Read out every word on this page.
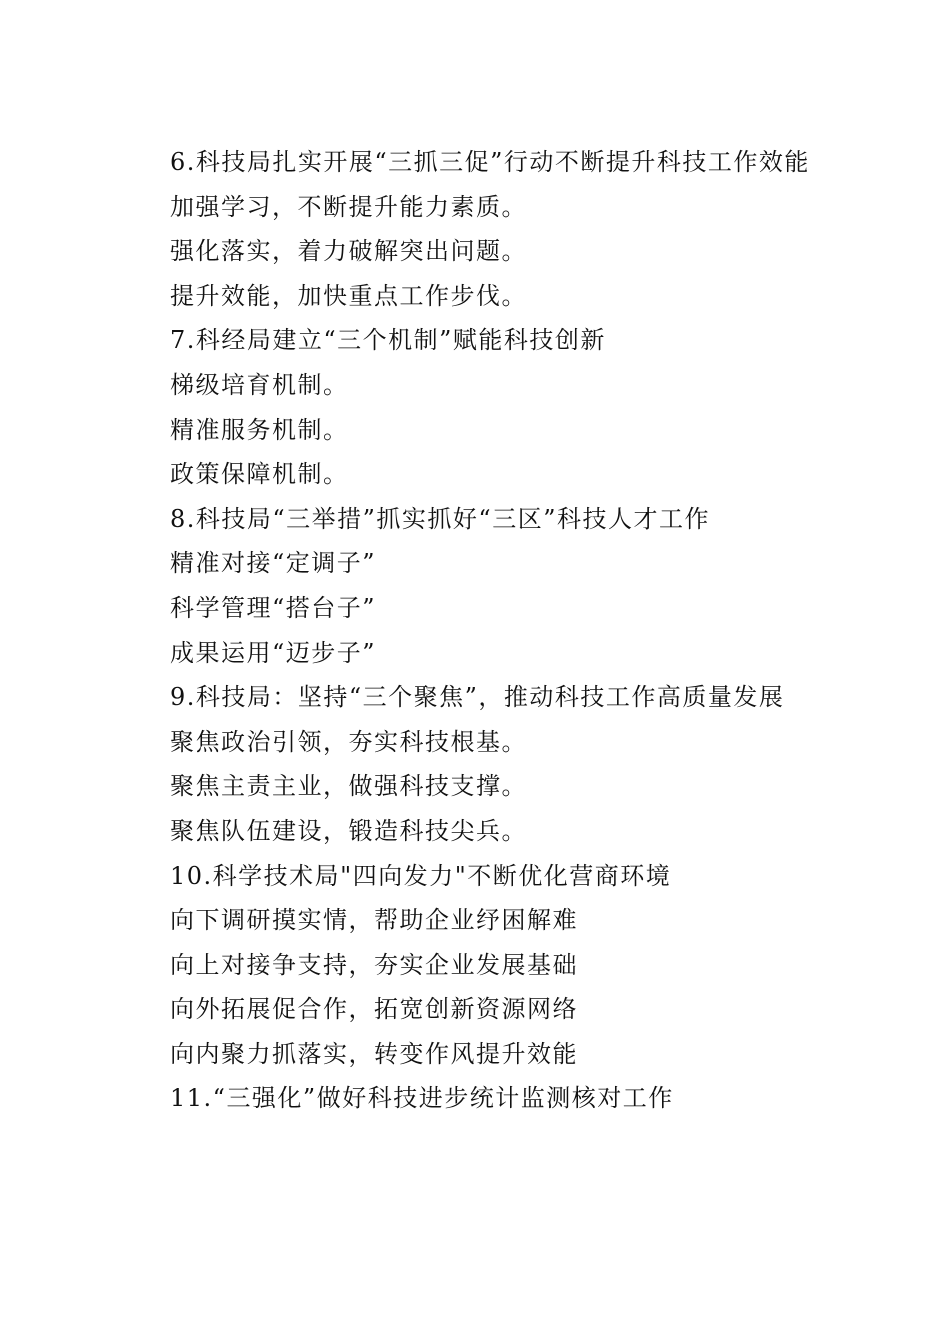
6.科技局扎实开展“三抓三促”行动不断提升科技工作效能
加强学习，不断提升能力素质。
强化落实，着力破解突出问题。
提升效能，加快重点工作步伐。
7.科经局建立“三个机制”赋能科技创新
梯级培育机制。
精准服务机制。
政策保障机制。
8.科技局“三举措”抓实抓好“三区”科技人才工作
精准对接“定调子”
科学管理“搭台子”
成果运用“迈步子”
9.科技局：坚持“三个聚焦”，推动科技工作高质量发展
聚焦政治引领，夯实科技根基。
聚焦主责主业，做强科技支撑。
聚焦队伍建设，锻造科技尖兵。
10.科学技术局"四向发力"不断优化营商环境
向下调研摸实情，帮助企业纾困解难
向上对接争支持，夯实企业发展基础
向外拓展促合作，拓宽创新资源网络
向内聚力抓落实，转变作风提升效能
11.“三强化”做好科技进步统计监测核对工作
